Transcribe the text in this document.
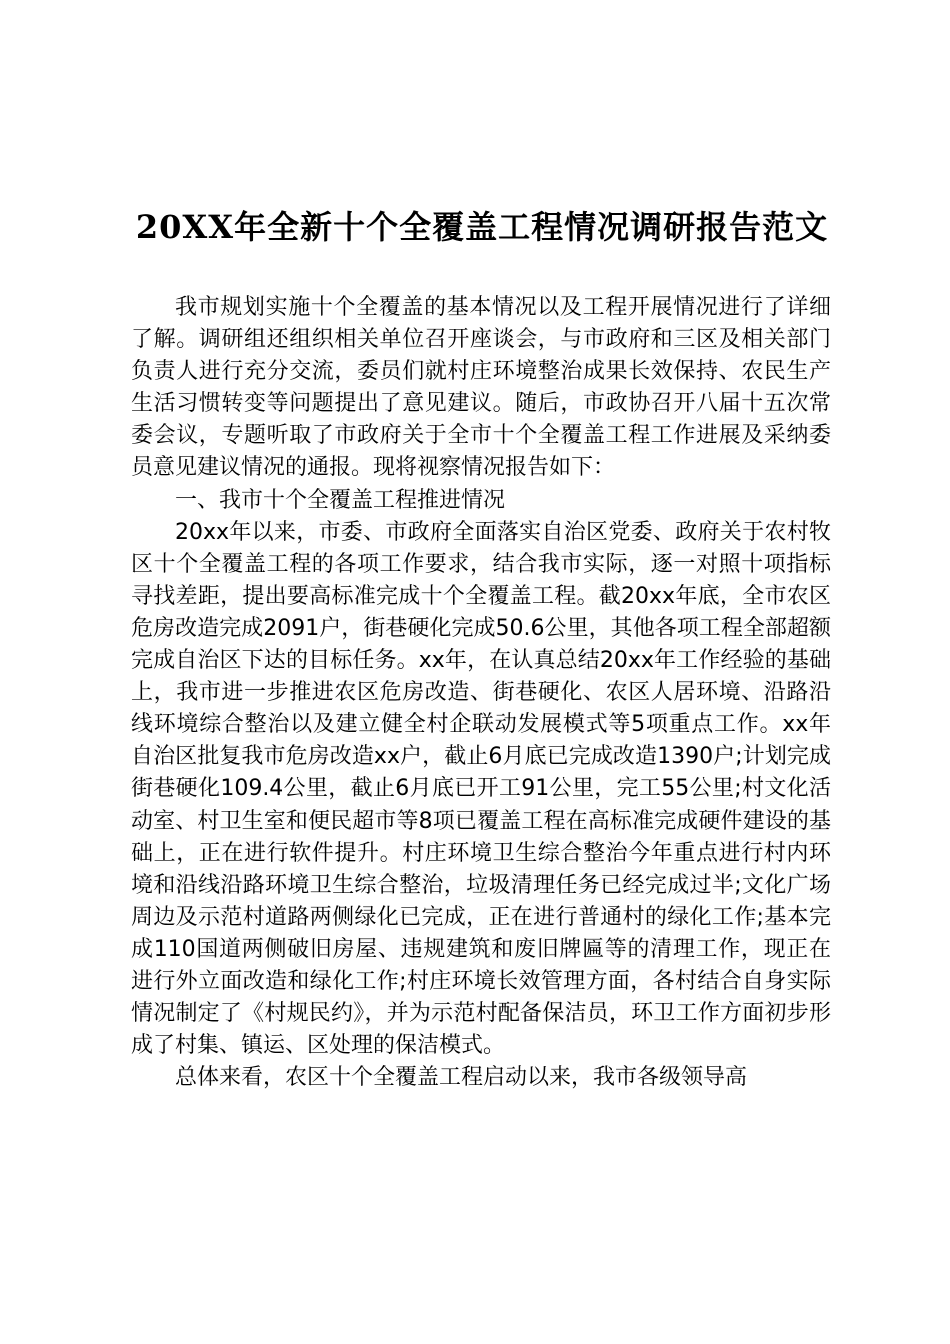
20XX年全新十个全覆盖工程情况调研报告范文

我市规划实施十个全覆盖的基本情况以及工程开展情况进行了详细了解。调研组还组织相关单位召开座谈会，与市政府和三区及相关部门负责人进行充分交流，委员们就村庄环境整治成果长效保持、农民生产生活习惯转变等问题提出了意见建议。随后，市政协召开八届十五次常委会议，专题听取了市政府关于全市十个全覆盖工程工作进展及采纳委员意见建议情况的通报。现将视察情况报告如下：

一、我市十个全覆盖工程推进情况

20xx年以来，市委、市政府全面落实自治区党委、政府关于农村牧区十个全覆盖工程的各项工作要求，结合我市实际，逐一对照十项指标寻找差距，提出要高标准完成十个全覆盖工程。截20xx年底，全市农区危房改造完成2091户，街巷硬化完成50.6公里，其他各项工程全部超额完成自治区下达的目标任务。xx年，在认真总结20xx年工作经验的基础上，我市进一步推进农区危房改造、街巷硬化、农区人居环境、沿路沿线环境综合整治以及建立健全村企联动发展模式等5项重点工作。xx年自治区批复我市危房改造xx户，截止6月底已完成改造1390户;计划完成街巷硬化109.4公里，截止6月底已开工91公里，完工55公里;村文化活动室、村卫生室和便民超市等8项已覆盖工程在高标准完成硬件建设的基础上，正在进行软件提升。村庄环境卫生综合整治今年重点进行村内环境和沿线沿路环境卫生综合整治，垃圾清理任务已经完成过半;文化广场周边及示范村道路两侧绿化已完成，正在进行普通村的绿化工作;基本完成110国道两侧破旧房屋、违规建筑和废旧牌匾等的清理工作，现正在进行外立面改造和绿化工作;村庄环境长效管理方面，各村结合自身实际情况制定了《村规民约》，并为示范村配备保洁员，环卫工作方面初步形成了村集、镇运、区处理的保洁模式。

总体来看，农区十个全覆盖工程启动以来，我市各级领导高
